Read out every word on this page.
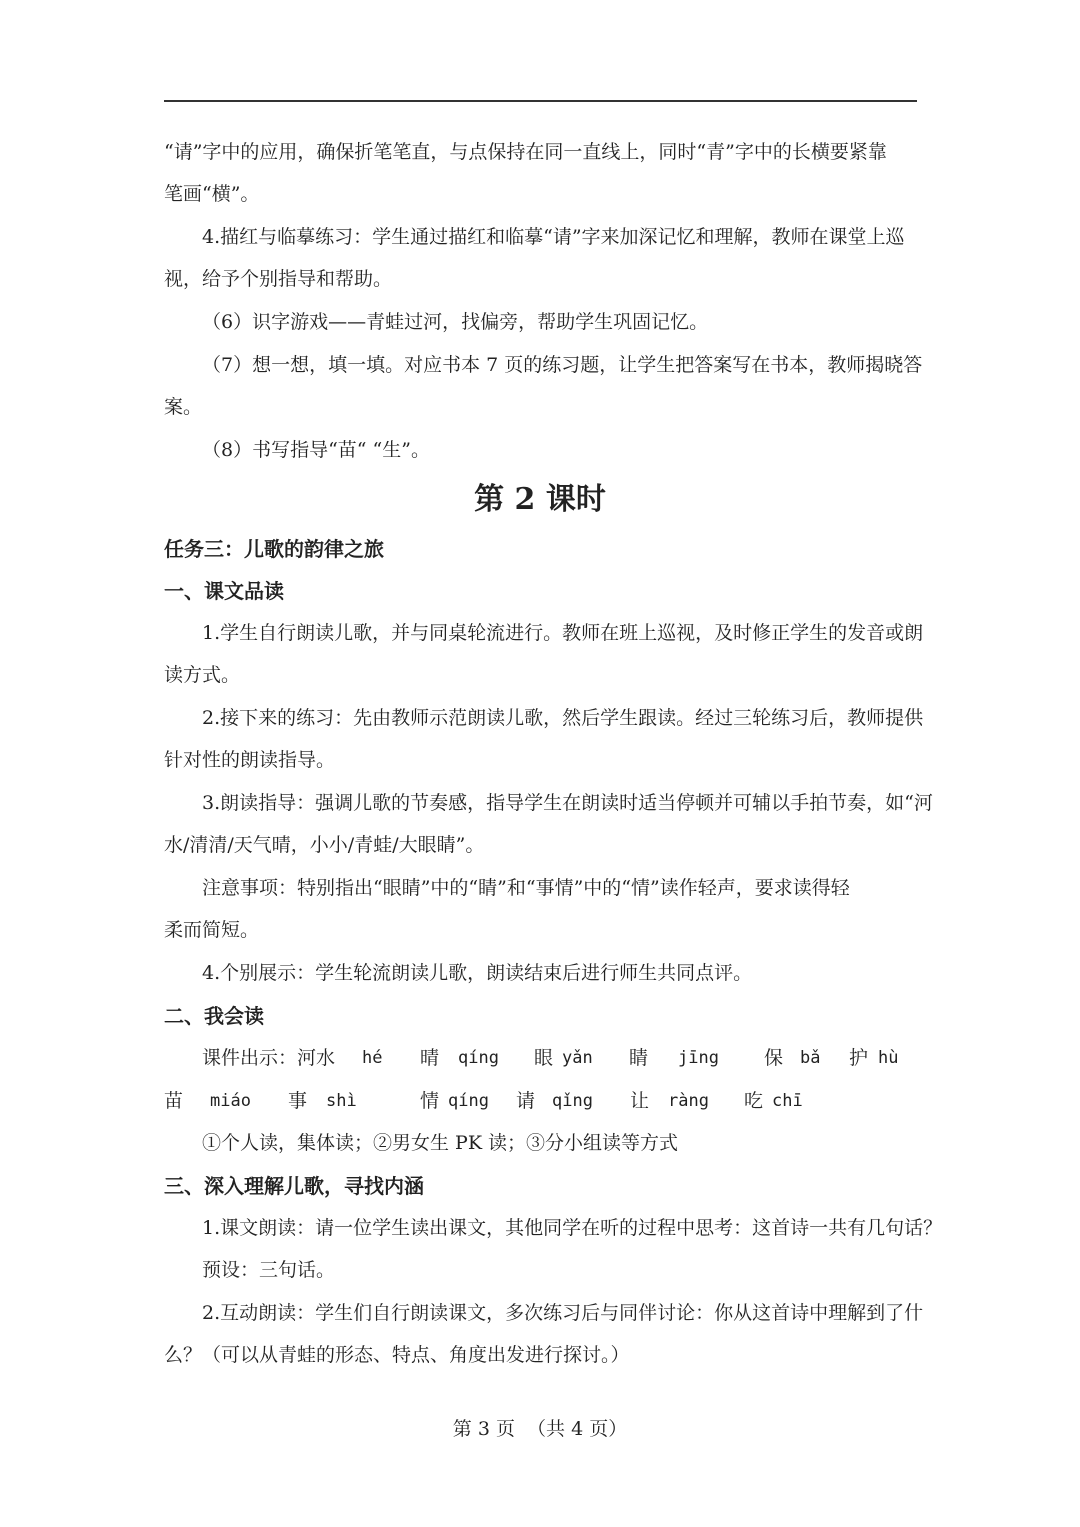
“请”字中的应用，确保折笔笔直，与点保持在同一直线上，同时“青”字中的长横要紧靠
笔画“横”。
4.描红与临摹练习：学生通过描红和临摹“请”字来加深记忆和理解，教师在课堂上巡
视，给予个别指导和帮助。
（6）识字游戏——青蛙过河，找偏旁，帮助学生巩固记忆。
（7）想一想，填一填。对应书本 7 页的练习题，让学生把答案写在书本，教师揭晓答
案。
（8）书写指导“苗“ “生”。
第 2 课时
任务三：儿歌的韵律之旅
一、课文品读
1.学生自行朗读儿歌，并与同桌轮流进行。教师在班上巡视，及时修正学生的发音或朗
读方式。
2.接下来的练习：先由教师示范朗读儿歌，然后学生跟读。经过三轮练习后，教师提供
针对性的朗读指导。
3.朗读指导：强调儿歌的节奏感，指导学生在朗读时适当停顿并可辅以手拍节奏，如“河
水/清清/天气晴，小小/青蛙/大眼睛”。
注意事项：特别指出“眼睛”中的“睛”和“事情”中的“情”读作轻声，要求读得轻
柔而简短。
4.个别展示：学生轮流朗读儿歌，朗读结束后进行师生共同点评。
二、我会读
课件出示：河水 hé 晴 qíng 眼 yǎn 睛 jīng 保 bǎ 护 hù
苗 miáo 事 shì	情 qíng 请 qǐng 让 ràng 吃 chī
①个人读，集体读；②男女生 PK 读；③分小组读等方式
三、深入理解儿歌，寻找内涵
1.课文朗读：请一位学生读出课文，其他同学在听的过程中思考：这首诗一共有几句话？
预设：三句话。
2.互动朗读：学生们自行朗读课文，多次练习后与同伴讨论：你从这首诗中理解到了什
么？（可以从青蛙的形态、特点、角度出发进行探讨。）
第 3 页  （共 4 页）
